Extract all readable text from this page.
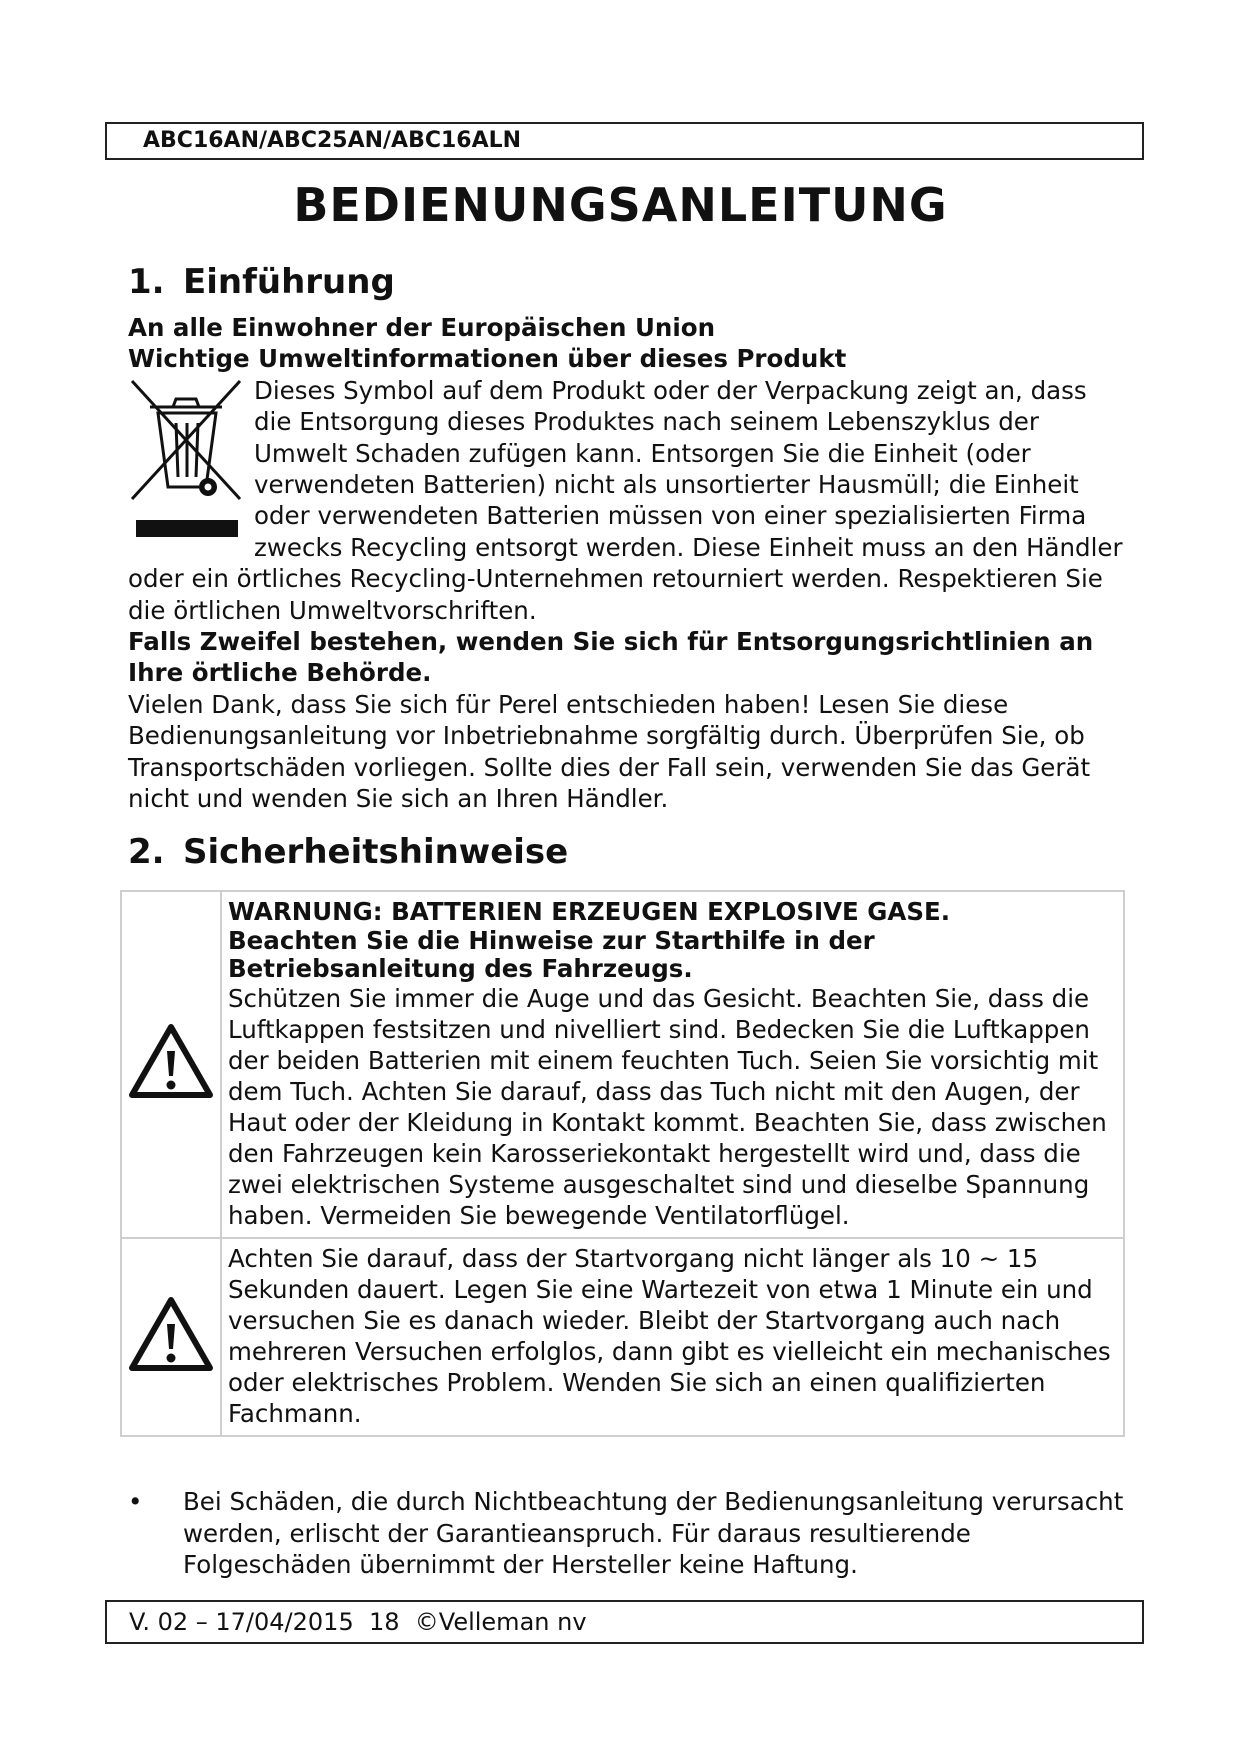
ABC16AN/ABC25AN/ABC16ALN
BEDIENUNGSANLEITUNG
1. Einführung

An alle Einwohner der Europäischen Union

Wichtige Umweltinformationen über dieses Produkt

Dieses Symbol auf dem Produkt oder der Verpackung zeigt an, dass die Entsorgung dieses Produktes nach seinem Lebenszyklus der Umwelt Schaden zufügen kann. Entsorgen Sie die Einheit (oder verwendeten Batterien) nicht als unsortierter Hausmüll; die Einheit oder verwendeten Batterien müssen von einer spezialisierten Firma zwecks Recycling entsorgt werden. Diese Einheit muss an den Händler oder ein örtliches Recycling-Unternehmen retourniert werden. Respektieren Sie die örtlichen Umweltvorschriften.

Falls Zweifel bestehen, wenden Sie sich für Entsorgungsrichtlinien an Ihre örtliche Behörde.

Vielen Dank, dass Sie sich für Perel entschieden haben! Lesen Sie diese Bedienungsanleitung vor Inbetriebnahme sorgfältig durch. Überprüfen Sie, ob Transportschäden vorliegen. Sollte dies der Fall sein, verwenden Sie das Gerät nicht und wenden Sie sich an Ihren Händler.

2. Sicherheitshinweise

WARNUNG: BATTERIEN ERZEUGEN EXPLOSIVE GASE.
Beachten Sie die Hinweise zur Starthilfe in der Betriebsanleitung des Fahrzeugs.
Schützen Sie immer die Auge und das Gesicht. Beachten Sie, dass die Luftkappen festsitzen und nivelliert sind. Bedecken Sie die Luftkappen der beiden Batterien mit einem feuchten Tuch. Seien Sie vorsichtig mit dem Tuch. Achten Sie darauf, dass das Tuch nicht mit den Augen, der Haut oder der Kleidung in Kontakt kommt. Beachten Sie, dass zwischen den Fahrzeugen kein Karosseriekontakt hergestellt wird und, dass die zwei elektrischen Systeme ausgeschaltet sind und dieselbe Spannung haben. Vermeiden Sie bewegende Ventilatorflügel.

Achten Sie darauf, dass der Startvorgang nicht länger als 10 ~ 15 Sekunden dauert. Legen Sie eine Wartezeit von etwa 1 Minute ein und versuchen Sie es danach wieder. Bleibt der Startvorgang auch nach mehreren Versuchen erfolglos, dann gibt es vielleicht ein mechanisches oder elektrisches Problem. Wenden Sie sich an einen qualifizierten Fachmann.
• Bei Schäden, die durch Nichtbeachtung der Bedienungsanleitung verursacht werden, erlischt der Garantieanspruch. Für daraus resultierende Folgeschäden übernimmt der Hersteller keine Haftung.
V. 02 – 17/04/2015  18  ©Velleman nv
